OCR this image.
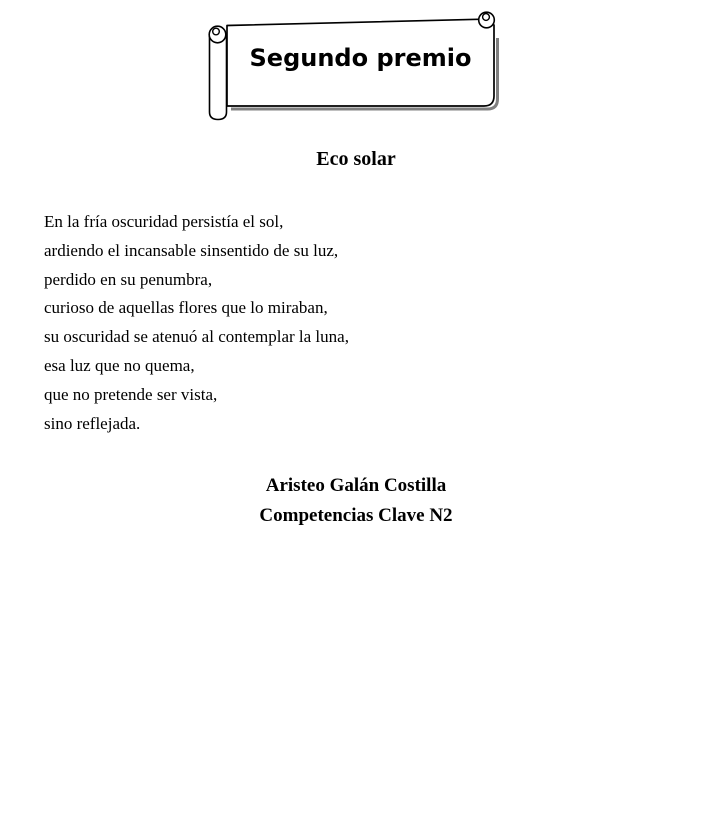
Segundo premio
Eco solar
En la fría oscuridad persistía el sol,
ardiendo el incansable sinsentido de su luz,
perdido en su penumbra,
curioso de aquellas flores que lo miraban,
su oscuridad se atenuó al contemplar la luna,
esa luz que no quema,
que no pretende ser vista,
sino reflejada.
Aristeo Galán Costilla
Competencias Clave N2
